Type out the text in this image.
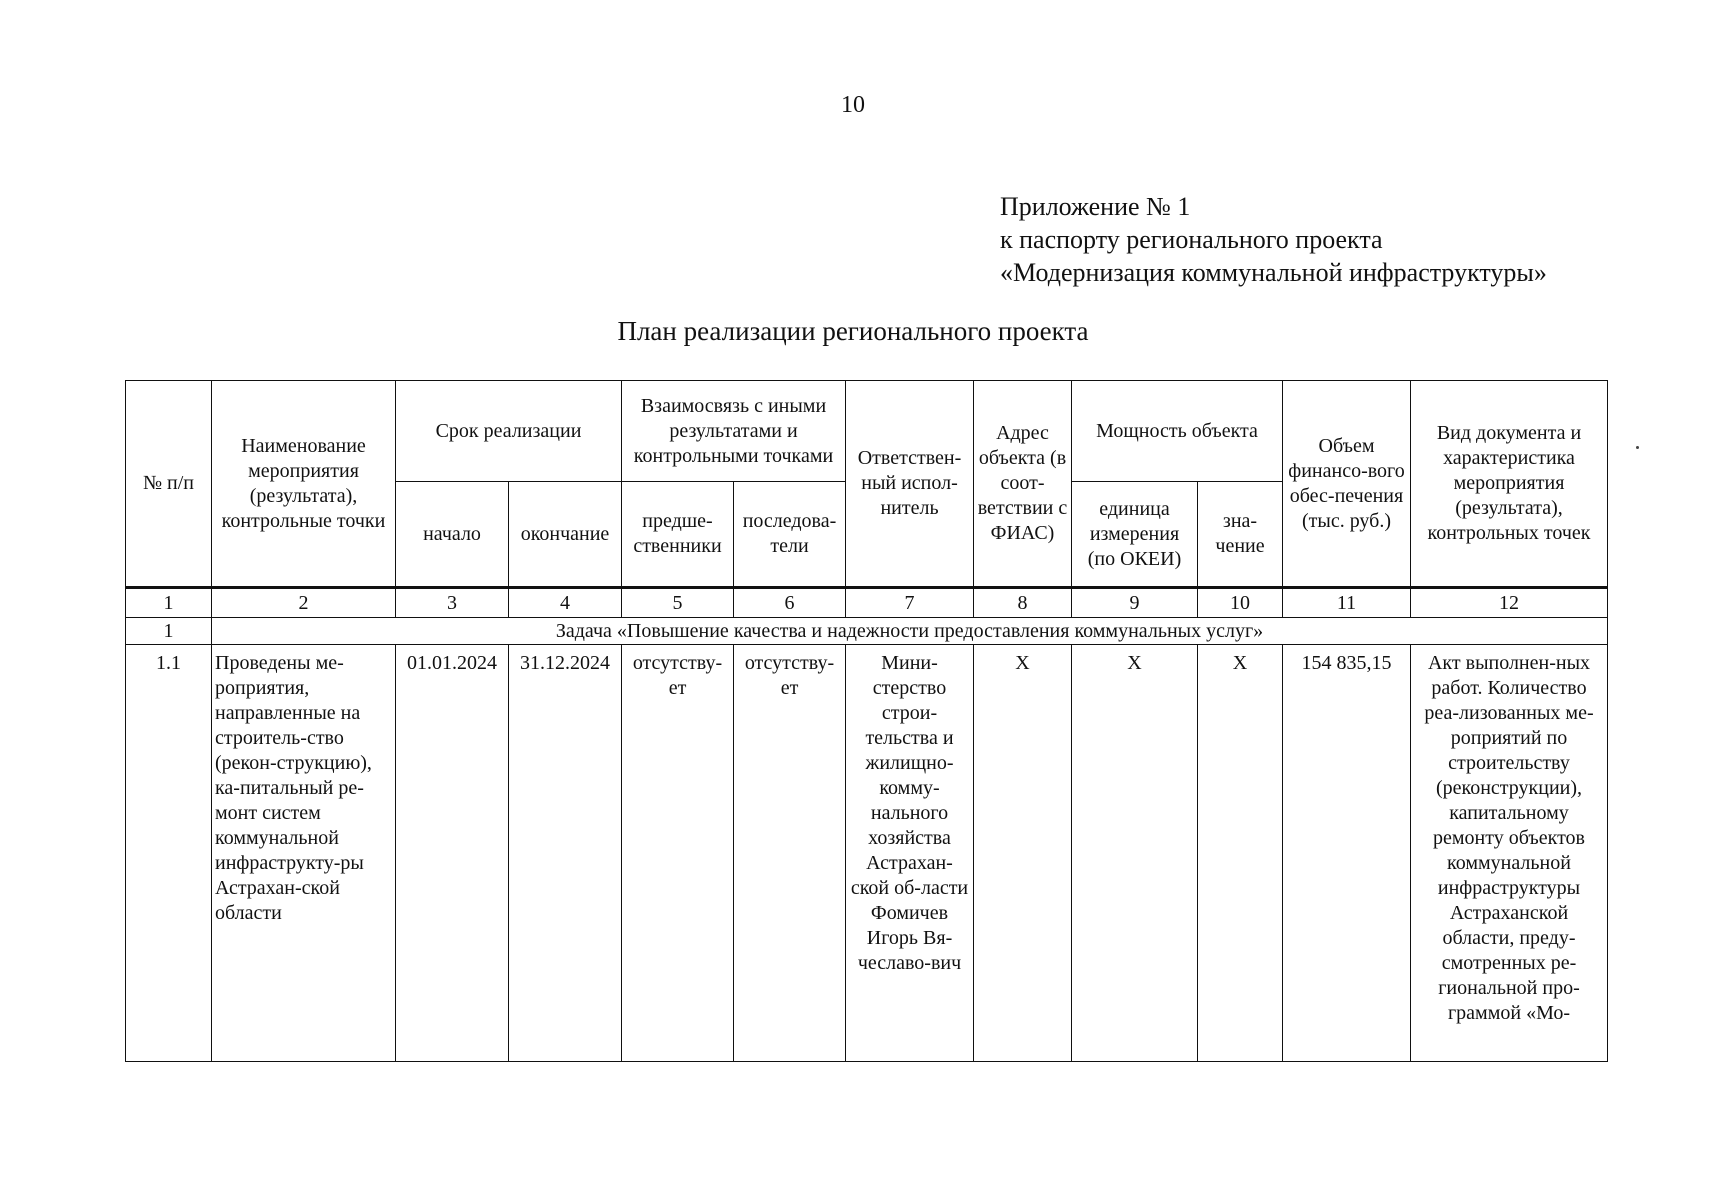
10
Приложение № 1
к паспорту регионального проекта
«Модернизация коммунальной инфраструктуры»
План реализации регионального проекта
№ п/п	Наименование мероприятия (результата), контрольные точки	Срок реализации		Взаимосвязь с иными результатами и контрольными точками		Ответствен-ный испол-нитель	Адрес объекта (в соот-ветствии с ФИАС)	Мощность объекта		Объем финансо-вого обес-печения (тыс. руб.)	Вид документа и характеристика мероприятия (результата), контрольных точек
		начало	окончание	предше-ственники	последова-тели			единица измерения (по ОКЕИ)	зна-чение		
1	2	3	4	5	6	7	8	9	10	11	12
1	Задача «Повышение качества и надежности предоставления коммунальных услуг»										
1.1	Проведены ме-роприятия, направленные на строитель-ство (рекон-струкцию), ка-питальный ре-монт систем коммунальной инфраструкту-ры Астрахан-ской области	01.01.2024	31.12.2024	отсутству-ет	отсутству-ет	Мини-стерство строи-тельства и жилищно-комму-нального хозяйства Астрахан-ской об-ласти Фомичев Игорь Вя-чеславо-вич	X	X	X	154 835,15	Акт выполнен-ных работ. Количество реа-лизованных ме-роприятий по строительству (реконструкции), капитальному ремонту объектов коммунальной инфраструктуры Астраханской области, преду-смотренных ре-гиональной про-граммой «Мо-
